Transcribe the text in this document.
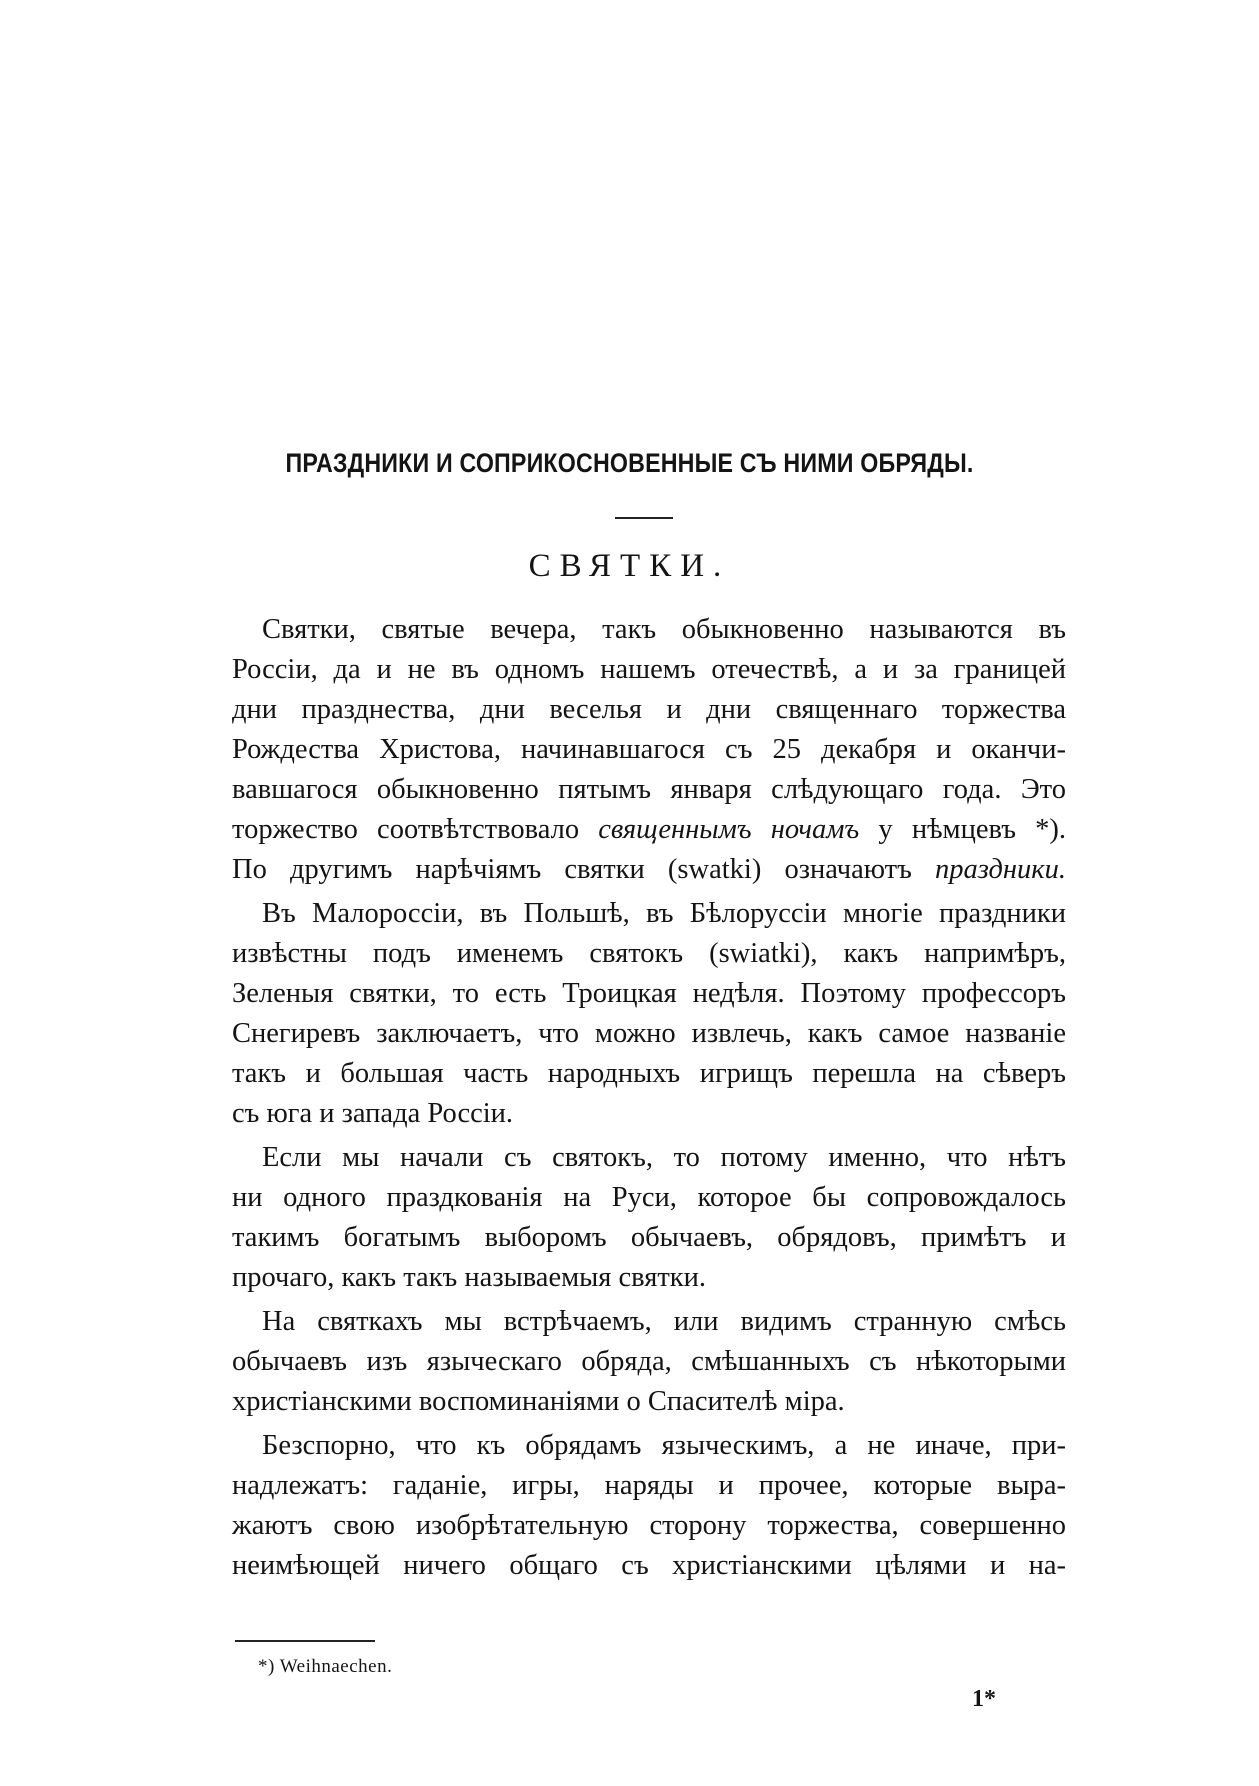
ПРАЗДНИКИ И СОПРИКОСНОВЕННЫЕ СЪ НИМИ ОБРЯДЫ.
СВЯТКИ.
Святки, святые вечера, такъ обыкновенно называются въ
Россіи, да и не въ одномъ нашемъ отечествѣ, а и за границей
дни празднества, дни веселья и дни священнаго торжества
Рождества Христова, начинавшагося съ 25 декабря и оканчи-
вавшагося обыкновенно пятымъ января слѣдующаго года. Это
торжество соотвѣтствовало священнымъ ночамъ у нѣмцевъ *).
По другимъ нарѣчіямъ святки (swatki) означаютъ праздники.
Въ Малороссіи, въ Польшѣ, въ Бѣлоруссіи многіе праздники
извѣстны подъ именемъ святокъ (swiatki), какъ напримѣръ,
Зеленыя святки, то есть Троицкая недѣля. Поэтому профессоръ
Снегиревъ заключаетъ, что можно извлечь, какъ самое названіе
такъ и большая часть народныхъ игрищъ перешла на сѣверъ
съ юга и запада Россіи.
Если мы начали съ святокъ, то потому именно, что нѣтъ
ни одного праздкованія на Руси, которое бы сопровождалось
такимъ богатымъ выборомъ обычаевъ, обрядовъ, примѣтъ и
прочаго, какъ такъ называемыя святки.
На святкахъ мы встрѣчаемъ, или видимъ странную смѣсь
обычаевъ изъ языческаго обряда, смѣшанныхъ съ нѣкоторыми
христіанскими воспоминаніями о Спасителѣ міра.
Безспорно, что къ обрядамъ языческимъ, а не иначе, при-
надлежатъ: гаданіе, игры, наряды и прочее, которые выра-
жаютъ свою изобрѣтательную сторону торжества, совершенно
неимѣющей ничего общаго съ христіанскими цѣлями и на-
*) Weihnaechen.
1*
